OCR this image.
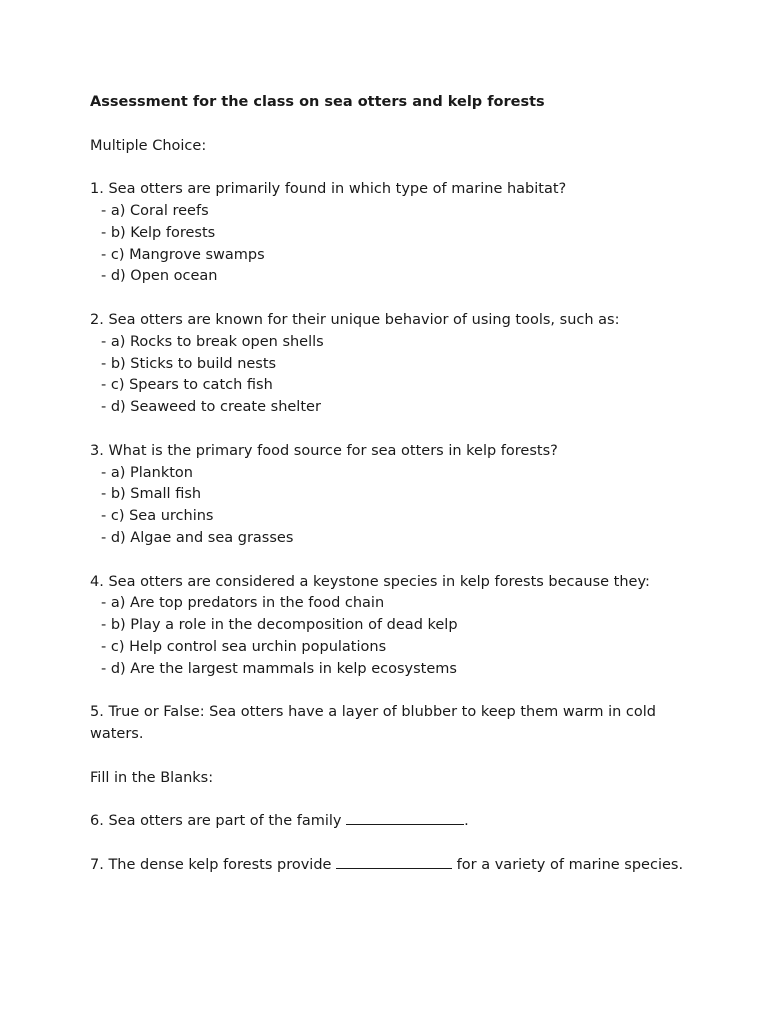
Assessment for the class on sea otters and kelp forests

Multiple Choice:

1. Sea otters are primarily found in which type of marine habitat?

- a) Coral reefs

- b) Kelp forests

- c) Mangrove swamps

- d) Open ocean

2. Sea otters are known for their unique behavior of using tools, such as:

- a) Rocks to break open shells

- b) Sticks to build nests

- c) Spears to catch fish

- d) Seaweed to create shelter

3. What is the primary food source for sea otters in kelp forests?

- a) Plankton

- b) Small fish

- c) Sea urchins

- d) Algae and sea grasses

4. Sea otters are considered a keystone species in kelp forests because they:

- a) Are top predators in the food chain

- b) Play a role in the decomposition of dead kelp

- c) Help control sea urchin populations

- d) Are the largest mammals in kelp ecosystems

5. True or False: Sea otters have a layer of blubber to keep them warm in cold waters.

Fill in the Blanks:

6. Sea otters are part of the family	.

7. The dense kelp forests provide	for a variety of marine species.
